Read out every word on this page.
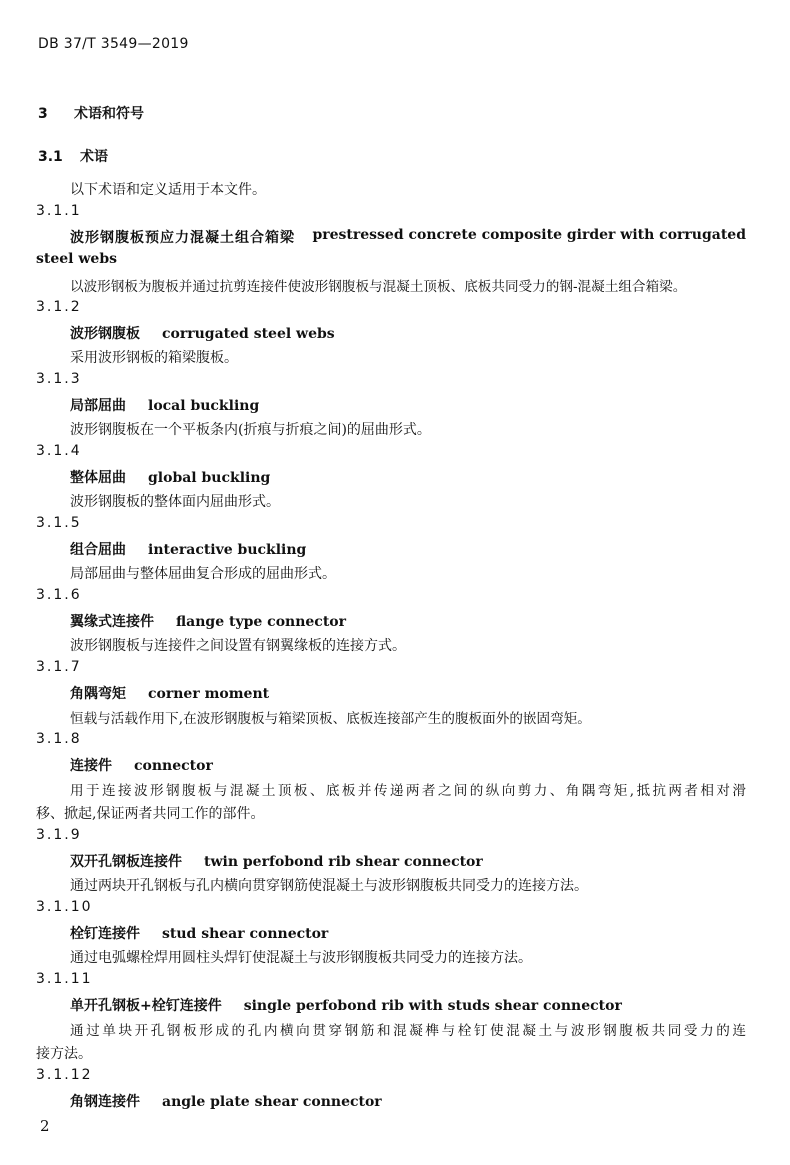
DB 37/T 3549—2019
3 术语和符号
3.1 术语
以下术语和定义适用于本文件。
3.1.1
波形钢腹板预应力混凝土组合箱梁 prestressed concrete composite girder with corrugated
steel webs
以波形钢板为腹板并通过抗剪连接件使波形钢腹板与混凝土顶板、底板共同受力的钢-混凝土组合箱梁。
3.1.2
波形钢腹板 corrugated steel webs
采用波形钢板的箱梁腹板。
3.1.3
局部屈曲 local buckling
波形钢腹板在一个平板条内(折痕与折痕之间)的屈曲形式。
3.1.4
整体屈曲 global buckling
波形钢腹板的整体面内屈曲形式。
3.1.5
组合屈曲 interactive buckling
局部屈曲与整体屈曲复合形成的屈曲形式。
3.1.6
翼缘式连接件 flange type connector
波形钢腹板与连接件之间设置有钢翼缘板的连接方式。
3.1.7
角隅弯矩 corner moment
恒载与活载作用下,在波形钢腹板与箱梁顶板、底板连接部产生的腹板面外的嵌固弯矩。
3.1.8
连接件 connector
用于连接波形钢腹板与混凝土顶板、底板并传递两者之间的纵向剪力、角隅弯矩,抵抗两者相对滑
移、掀起,保证两者共同工作的部件。
3.1.9
双开孔钢板连接件 twin perfobond rib shear connector
通过两块开孔钢板与孔内横向贯穿钢筋使混凝土与波形钢腹板共同受力的连接方法。
3.1.10
栓钉连接件 stud shear connector
通过电弧螺栓焊用圆柱头焊钉使混凝土与波形钢腹板共同受力的连接方法。
3.1.11
单开孔钢板+栓钉连接件 single perfobond rib with studs shear connector
通过单块开孔钢板形成的孔内横向贯穿钢筋和混凝榫与栓钉使混凝土与波形钢腹板共同受力的连
接方法。
3.1.12
角钢连接件 angle plate shear connector
2
